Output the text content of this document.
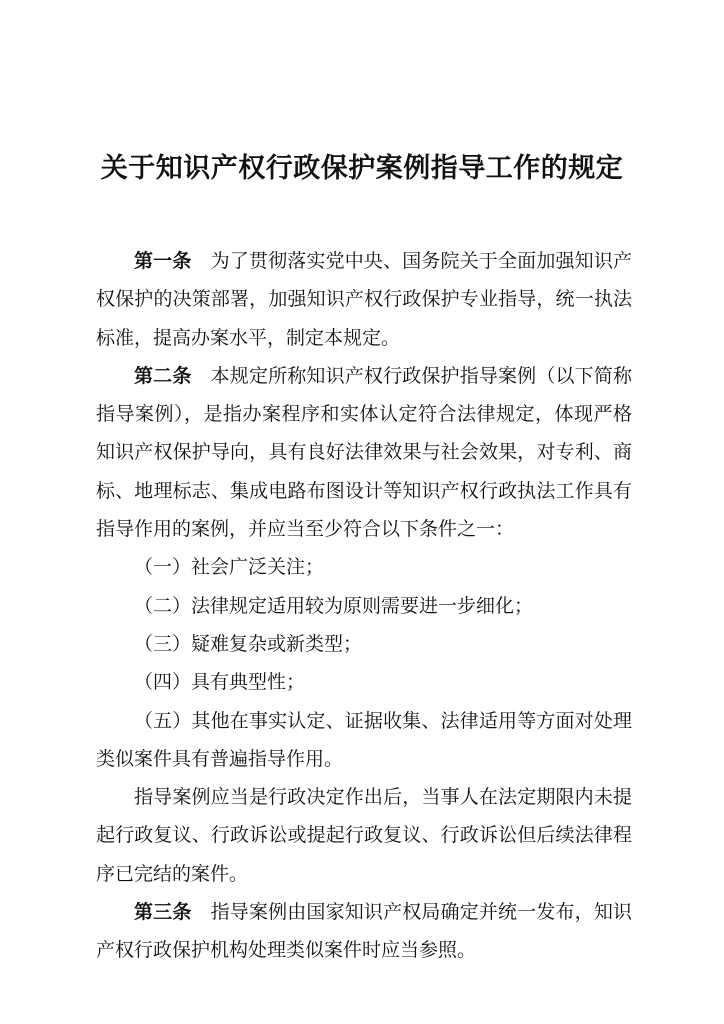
关于知识产权行政保护案例指导工作的规定

第一条　为了贯彻落实党中央、国务院关于全面加强知识产权保护的决策部署，加强知识产权行政保护专业指导，统一执法标准，提高办案水平，制定本规定。

第二条　本规定所称知识产权行政保护指导案例（以下简称指导案例），是指办案程序和实体认定符合法律规定，体现严格知识产权保护导向，具有良好法律效果与社会效果，对专利、商标、地理标志、集成电路布图设计等知识产权行政执法工作具有指导作用的案例，并应当至少符合以下条件之一：

（一）社会广泛关注；

（二）法律规定适用较为原则需要进一步细化；

（三）疑难复杂或新类型；

（四）具有典型性；

（五）其他在事实认定、证据收集、法律适用等方面对处理类似案件具有普遍指导作用。

指导案例应当是行政决定作出后，当事人在法定期限内未提起行政复议、行政诉讼或提起行政复议、行政诉讼但后续法律程序已完结的案件。

第三条　指导案例由国家知识产权局确定并统一发布，知识产权行政保护机构处理类似案件时应当参照。
